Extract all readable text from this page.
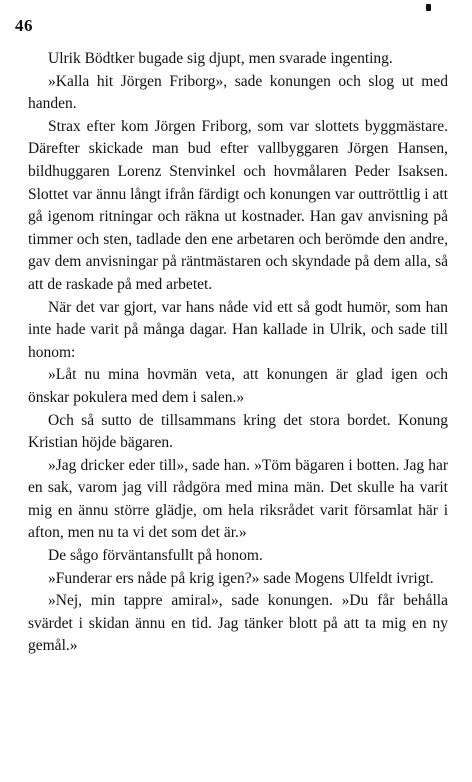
46

Ulrik Bödtker bugade sig djupt, men svarade ingenting.

»Kalla hit Jörgen Friborg», sade konungen och slog ut med handen.

Strax efter kom Jörgen Friborg, som var slottets byggmästare. Därefter skickade man bud efter vallbyggaren Jörgen Hansen, bildhuggaren Lorenz Stenvinkel och hovmålaren Peder Isaksen. Slottet var ännu långt ifrån färdigt och konungen var outtröttlig i att gå igenom ritningar och räkna ut kostnader. Han gav anvisning på timmer och sten, tadlade den ene arbetaren och berömde den andre, gav dem anvisningar på räntmästaren och skyndade på dem alla, så att de raskade på med arbetet.

När det var gjort, var hans nåde vid ett så godt humör, som han inte hade varit på många dagar. Han kallade in Ulrik, och sade till honom:

»Låt nu mina hovmän veta, att konungen är glad igen och önskar pokulera med dem i salen.»

Och så sutto de tillsammans kring det stora bordet. Konung Kristian höjde bägaren.

»Jag dricker eder till», sade han. »Töm bägaren i botten. Jag har en sak, varom jag vill rådgöra med mina män. Det skulle ha varit mig en ännu större glädje, om hela riksrådet varit församlat här i afton, men nu ta vi det som det är.»

De sågo förväntansfullt på honom.

»Funderar ers nåde på krig igen?» sade Mogens Ulfeldt ivrigt.

»Nej, min tappre amiral», sade konungen. »Du får behålla svärdet i skidan ännu en tid. Jag tänker blott på att ta mig en ny gemål.»
